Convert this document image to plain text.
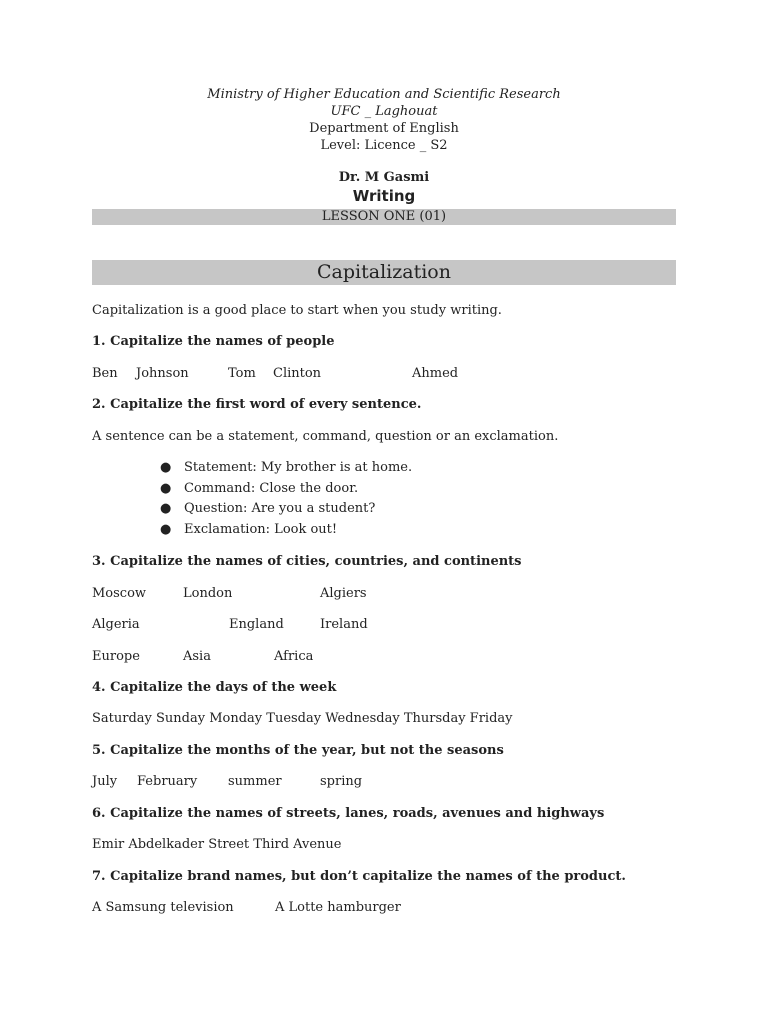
Ministry of Higher Education and Scientific Research
UFC _ Laghouat
Department of English
Level: Licence _ S2
Dr. M Gasmi
Writing
LESSON ONE (01)
Capitalization
Capitalization is a good place to start when you study writing.
1. Capitalize the names of people
Ben Johnson	Tom Clinton	Ahmed
2. Capitalize the first word of every sentence.
A sentence can be a statement, command, question or an exclamation.
● Statement: My brother is at home.
● Command: Close the door.
● Question: Are you a student?
● Exclamation: Look out!
3. Capitalize the names of cities, countries, and continents
Moscow	London	Algiers
Algeria	England	Ireland
Europe	Asia	Africa
4. Capitalize the days of the week
Saturday Sunday Monday Tuesday Wednesday Thursday Friday
5. Capitalize the months of the year, but not the seasons
July February summer	spring
6. Capitalize the names of streets, lanes, roads, avenues and highways
Emir Abdelkader Street Third Avenue
7. Capitalize brand names, but don’t capitalize the names of the product.
A Samsung television	A Lotte hamburger
